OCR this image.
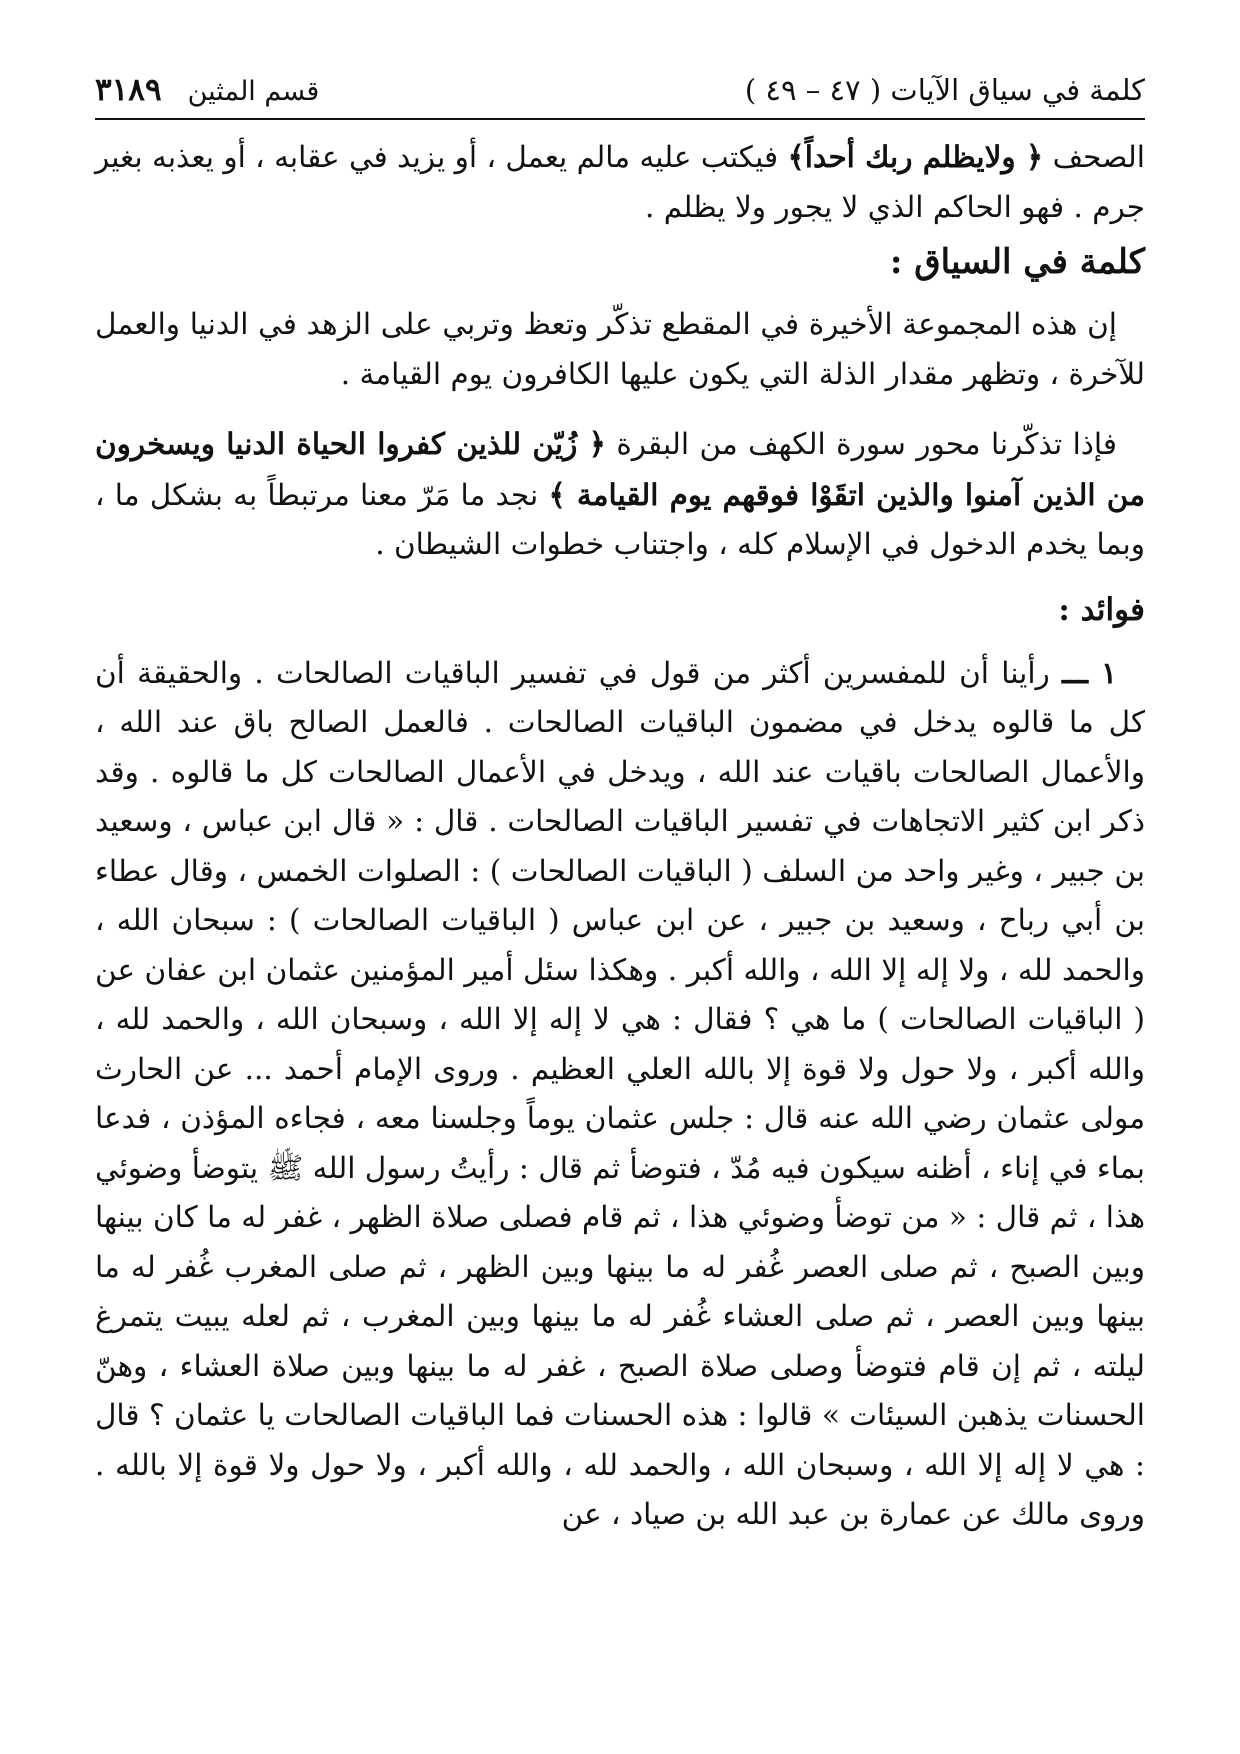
كلمة في سياق الآيات ( ٤٧ – ٤٩ )
قسم المثين
٣١٨٩

الصحف ﴿ ولايظلم ربك أحداً﴾ فيكتب عليه مالم يعمل ، أو يزيد في عقابه ، أو يعذبه بغير جرم . فهو الحاكم الذي لا يجور ولا يظلم .

كلمة في السياق :

إن هذه المجموعة الأخيرة في المقطع تذكّر وتعظ وتربي على الزهد في الدنيا والعمل للآخرة ، وتظهر مقدار الذلة التي يكون عليها الكافرون يوم القيامة .

فإذا تذكّرنا محور سورة الكهف من البقرة ﴿ زُيّن للذين كفروا الحياة الدنيا ويسخرون من الذين آمنوا والذين اتقَوْا فوقهم يوم القيامة ﴾ نجد ما مَرّ معنا مرتبطاً به بشكل ما ، وبما يخدم الدخول في الإسلام كله ، واجتناب خطوات الشيطان .

فوائد :

١ ـــ رأينا أن للمفسرين أكثر من قول في تفسير الباقيات الصالحات . والحقيقة أن كل ما قالوه يدخل في مضمون الباقيات الصالحات . فالعمل الصالح باق عند الله ، والأعمال الصالحات باقيات عند الله ، ويدخل في الأعمال الصالحات كل ما قالوه . وقد ذكر ابن كثير الاتجاهات في تفسير الباقيات الصالحات . قال : « قال ابن عباس ، وسعيد بن جبير ، وغير واحد من السلف ( الباقيات الصالحات ) : الصلوات الخمس ، وقال عطاء بن أبي رباح ، وسعيد بن جبير ، عن ابن عباس ( الباقيات الصالحات ) : سبحان الله ، والحمد لله ، ولا إله إلا الله ، والله أكبر . وهكذا سئل أمير المؤمنين عثمان ابن عفان عن ( الباقيات الصالحات ) ما هي ؟ فقال : هي لا إله إلا الله ، وسبحان الله ، والحمد لله ، والله أكبر ، ولا حول ولا قوة إلا بالله العلي العظيم . وروى الإمام أحمد ... عن الحارث مولى عثمان رضي الله عنه قال : جلس عثمان يوماً وجلسنا معه ، فجاءه المؤذن ، فدعا بماء في إناء ، أظنه سيكون فيه مُدّ ، فتوضأ ثم قال : رأيتُ رسول الله ﷺ يتوضأ وضوئي هذا ، ثم قال : « من توضأ وضوئي هذا ، ثم قام فصلى صلاة الظهر ، غفر له ما كان بينها وبين الصبح ، ثم صلى العصر غُفر له ما بينها وبين الظهر ، ثم صلى المغرب غُفر له ما بينها وبين العصر ، ثم صلى العشاء غُفر له ما بينها وبين المغرب ، ثم لعله يبيت يتمرغ ليلته ، ثم إن قام فتوضأ وصلى صلاة الصبح ، غفر له ما بينها وبين صلاة العشاء ، وهنّ الحسنات يذهبن السيئات » قالوا : هذه الحسنات فما الباقيات الصالحات يا عثمان ؟ قال : هي لا إله إلا الله ، وسبحان الله ، والحمد لله ، والله أكبر ، ولا حول ولا قوة إلا بالله . وروى مالك عن عمارة بن عبد الله بن صياد ، عن
